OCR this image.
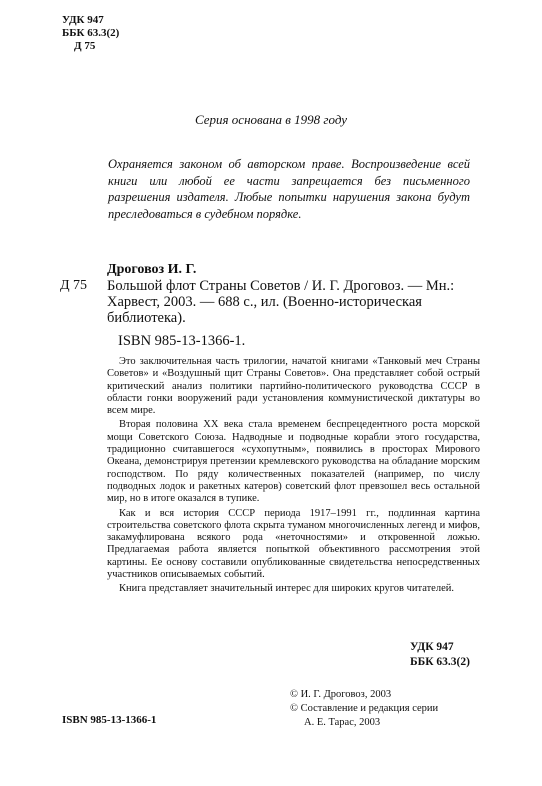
УДК 947
ББК 63.3(2)
Д 75
Серия основана в 1998 году
Охраняется законом об авторском праве. Воспроизведение всей книги или любой ее части запрещается без письменного разрешения издателя. Любые попытки нарушения закона будут преследоваться в судебном порядке.
Дроговоз И. Г.
Д 75 Большой флот Страны Советов / И. Г. Дроговоз. — Мн.: Харвест, 2003. — 688 с., ил. (Военно-историческая библиотека).
ISBN 985-13-1366-1.

Это заключительная часть трилогии, начатой книгами «Танковый меч Страны Советов» и «Воздушный щит Страны Советов». Она представляет собой острый критический анализ политики партийно-политического руководства СССР в области гонки вооружений ради установления коммунистической диктатуры во всем мире.

Вторая половина XX века стала временем беспрецедентного роста морской мощи Советского Союза. Надводные и подводные корабли этого государства, традиционно считавшегося «сухопутным», появились в просторах Мирового Океана, демонстрируя претензии кремлевского руководства на обладание морским господством. По ряду количественных показателей (например, по числу подводных лодок и ракетных катеров) советский флот превзошел весь остальной мир, но в итоге оказался в тупике.

Как и вся история СССР периода 1917–1991 гг., подлинная картина строительства советского флота скрыта туманом многочисленных легенд и мифов, закамуфлирована всякого рода «неточностями» и откровенной ложью. Предлагаемая работа является попыткой объективного рассмотрения этой картины. Ее основу составили опубликованные свидетельства непосредственных участников описываемых событий.

Книга представляет значительный интерес для широких кругов читателей.

УДК 947
ББК 63.3(2)
ISBN 985-13-1366-1
© И. Г. Дроговоз, 2003
© Составление и редакция серии
А. Е. Тарас, 2003
